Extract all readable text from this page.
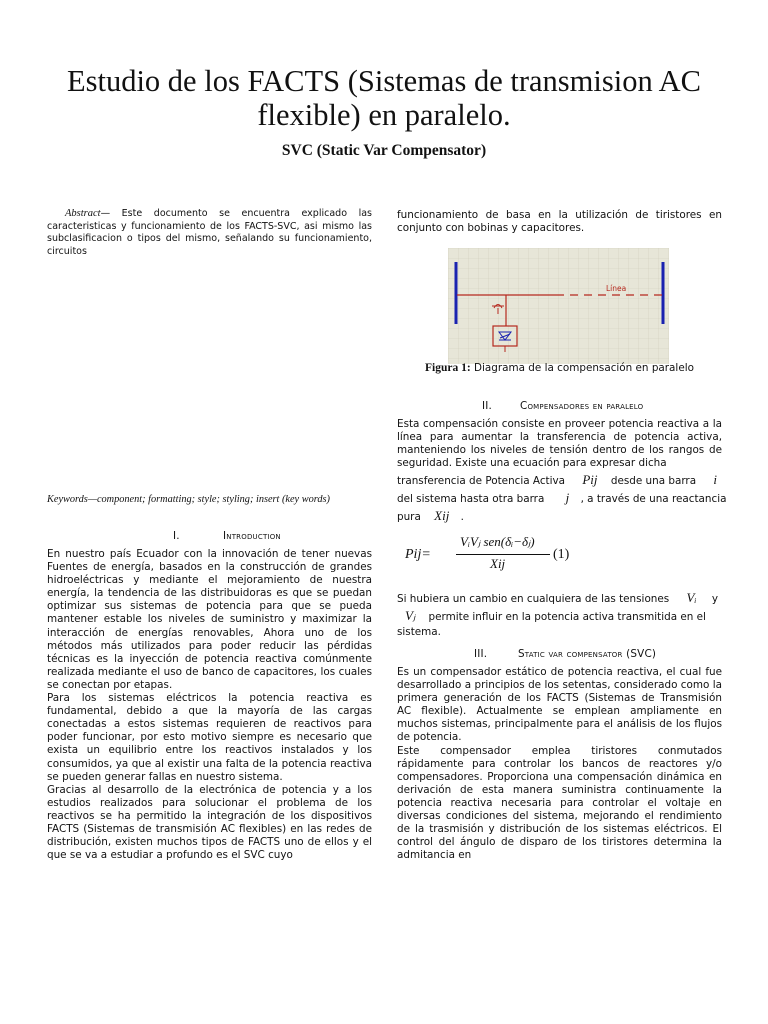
Estudio de los FACTS (Sistemas de transmision AC flexible) en paralelo.
SVC (Static Var Compensator)
Abstract— Este documento se encuentra explicado las caracteristicas y funcionamiento de los FACTS-SVC, asi mismo las subclasificacion o tipos del mismo, señalando su funcionamiento, circuitos
Keywords—component; formatting; style; styling; insert (key words)
I.	Introduction
En nuestro país Ecuador con la innovación de tener nuevas Fuentes de energía, basados en la construcción de grandes hidroeléctricas y mediante el mejoramiento de nuestra energía, la tendencia de las distribuidoras es que se puedan optimizar sus sistemas de potencia para que se pueda mantener estable los niveles de suministro y maximizar la interacción de energías renovables, Ahora uno de los métodos más utilizados para poder reducir las pérdidas técnicas es la inyección de potencia reactiva comúnmente realizada mediante el uso de banco de capacitores, los cuales se conectan por etapas.
Para los sistemas eléctricos la potencia reactiva es fundamental, debido a que la mayoría de las cargas conectadas a estos sistemas requieren de reactivos para poder funcionar, por esto motivo siempre es necesario que exista un equilibrio entre los reactivos instalados y los consumidos, ya que al existir una falta de la potencia reactiva se pueden generar fallas en nuestro sistema.
Gracias al desarrollo de la electrónica de potencia y a los estudios realizados para solucionar el problema de los reactivos se ha permitido la integración de los dispositivos FACTS (Sistemas de transmisión AC flexibles) en las redes de distribución, existen muchos tipos de FACTS uno de ellos y el que se va a estudiar a profundo es el SVC cuyo
funcionamiento de basa en la utilización de tiristores en conjunto con bobinas y capacitores.
Línea
Figura 1: Diagrama de la compensación en paralelo
II.	Compensadores en paralelo
Esta compensación consiste en proveer potencia reactiva a la línea para aumentar la transferencia de potencia activa, manteniendo los niveles de tensión dentro de los rangos de seguridad. Existe una ecuación para expresar dicha
transferencia de Potencia Activa Pij desde una barra i
del sistema hasta otra barra j , a través de una reactancia
pura Xij .
Pij=
VᵢVⱼ sen(δᵢ−δⱼ)
Xij
(1)
Si hubiera un cambio en cualquiera de las tensiones Vᵢ y
Vⱼ permite influir en la potencia activa transmitida en el
sistema.
III.	Static var compensator (SVC)
Es un compensador estático de potencia reactiva, el cual fue desarrollado a principios de los setentas, considerado como la primera generación de los FACTS (Sistemas de Transmisión AC flexible). Actualmente se emplean ampliamente en muchos sistemas, principalmente para el análisis de los flujos de potencia.
Este compensador emplea tiristores conmutados rápidamente para controlar los bancos de reactores y/o compensadores. Proporciona una compensación dinámica en derivación de esta manera suministra continuamente la potencia reactiva necesaria para controlar el voltaje en diversas condiciones del sistema, mejorando el rendimiento de la trasmisión y distribución de los sistemas eléctricos. El control del ángulo de disparo de los tiristores determina la admitancia en
